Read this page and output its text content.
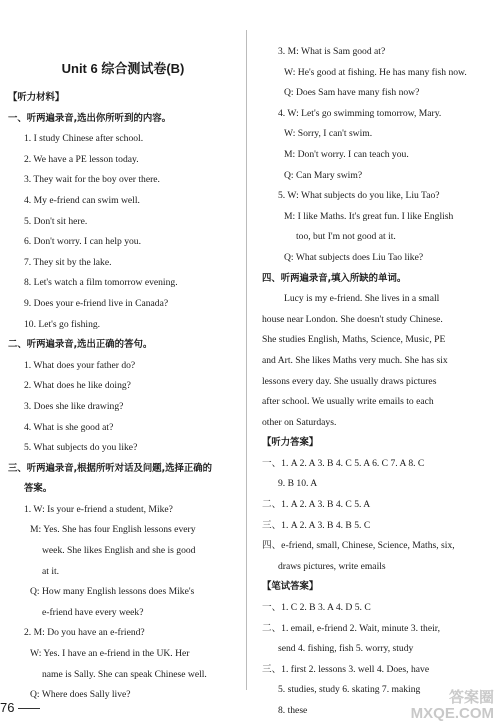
Unit 6 综合测试卷(B)
【听力材料】
一、听两遍录音,选出你所听到的内容。
1. I study Chinese after school.
2. We have a PE lesson today.
3. They wait for the boy over there.
4. My e-friend can swim well.
5. Don't sit here.
6. Don't worry. I can help you.
7. They sit by the lake.
8. Let's watch a film tomorrow evening.
9. Does your e-friend live in Canada?
10. Let's go fishing.
二、听两遍录音,选出正确的答句。
1. What does your father do?
2. What does he like doing?
3. Does she like drawing?
4. What is she good at?
5. What subjects do you like?
三、听两遍录音,根据所听对话及问题,选择正确的
答案。
1. W: Is your e-friend a student, Mike?
M: Yes. She has four English lessons every
week. She likes English and she is good
at it.
Q: How many English lessons does Mike's
e-friend have every week?
2. M: Do you have an e-friend?
W: Yes. I have an e-friend in the UK. Her
name is Sally. She can speak Chinese well.
Q: Where does Sally live?
3. M: What is Sam good at?
W: He's good at fishing. He has many fish now.
Q: Does Sam have many fish now?
4. W: Let's go swimming tomorrow, Mary.
W: Sorry, I can't swim.
M: Don't worry. I can teach you.
Q: Can Mary swim?
5. W: What subjects do you like, Liu Tao?
M: I like Maths. It's great fun. I like English
too, but I'm not good at it.
Q: What subjects does Liu Tao like?
四、听两遍录音,填入所缺的单词。
Lucy is my e-friend. She lives in a small
house near London. She doesn't study Chinese.
She studies English, Maths, Science, Music, PE
and Art. She likes Maths very much. She has six
lessons every day. She usually draws pictures
after school. We usually write emails to each
other on Saturdays.
【听力答案】
一、1. A 2. A 3. B 4. C 5. A 6. C 7. A 8. C
9. B 10. A
二、1. A 2. A 3. B 4. C 5. A
三、1. A 2. A 3. B 4. B 5. C
四、e-friend, small, Chinese, Science, Maths, six,
draws pictures, write emails
【笔试答案】
一、1. C 2. B 3. A 4. D 5. C
二、1. email, e-friend 2. Wait, minute 3. their,
send 4. fishing, fish 5. worry, study
三、1. first 2. lessons 3. well 4. Does, have
5. studies, study 6. skating 7. making
8. these
76
答案圈
MXQE.COM
